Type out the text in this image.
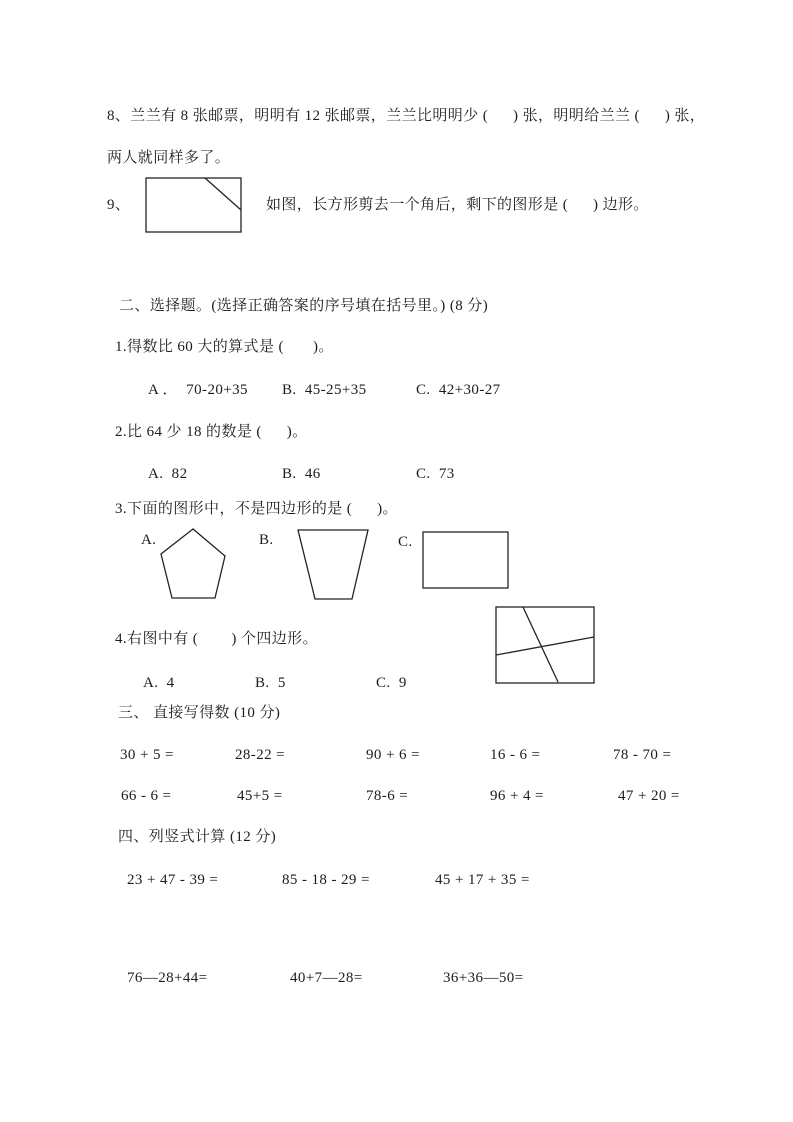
8、兰兰有 8 张邮票，明明有 12 张邮票，兰兰比明明少 (      ) 张，明明给兰兰 (      ) 张，
两人就同样多了。
9、	如图，长方形剪去一个角后，剩下的图形是 (      ) 边形。
二、选择题。(选择正确答案的序号填在括号里。) (8 分)
1.得数比 60 大的算式是 (       )。
A ．  70-20+35 B.  45-25+35	C.  42+30-27
2.比 64 少 18 的数是 (      )。
A.  82	B.  46	C.  73
3.下面的图形中，不是四边形的是 (      )。
A.	B.	C.
4.右图中有 (        ) 个四边形。
A.  4	B.  5	C.  9
三、 直接写得数 (10 分)
30 + 5 =	28-22 =	90 + 6 =	16 - 6 =	78 - 70 =
66 - 6 =	45+5 =	78-6 =	96 + 4 =	47 + 20 =
四、列竖式计算 (12 分)
23 + 47 - 39 =	85 - 18 - 29 =	45 + 17 + 35 =
76—28+44=	40+7—28=	36+36—50=
